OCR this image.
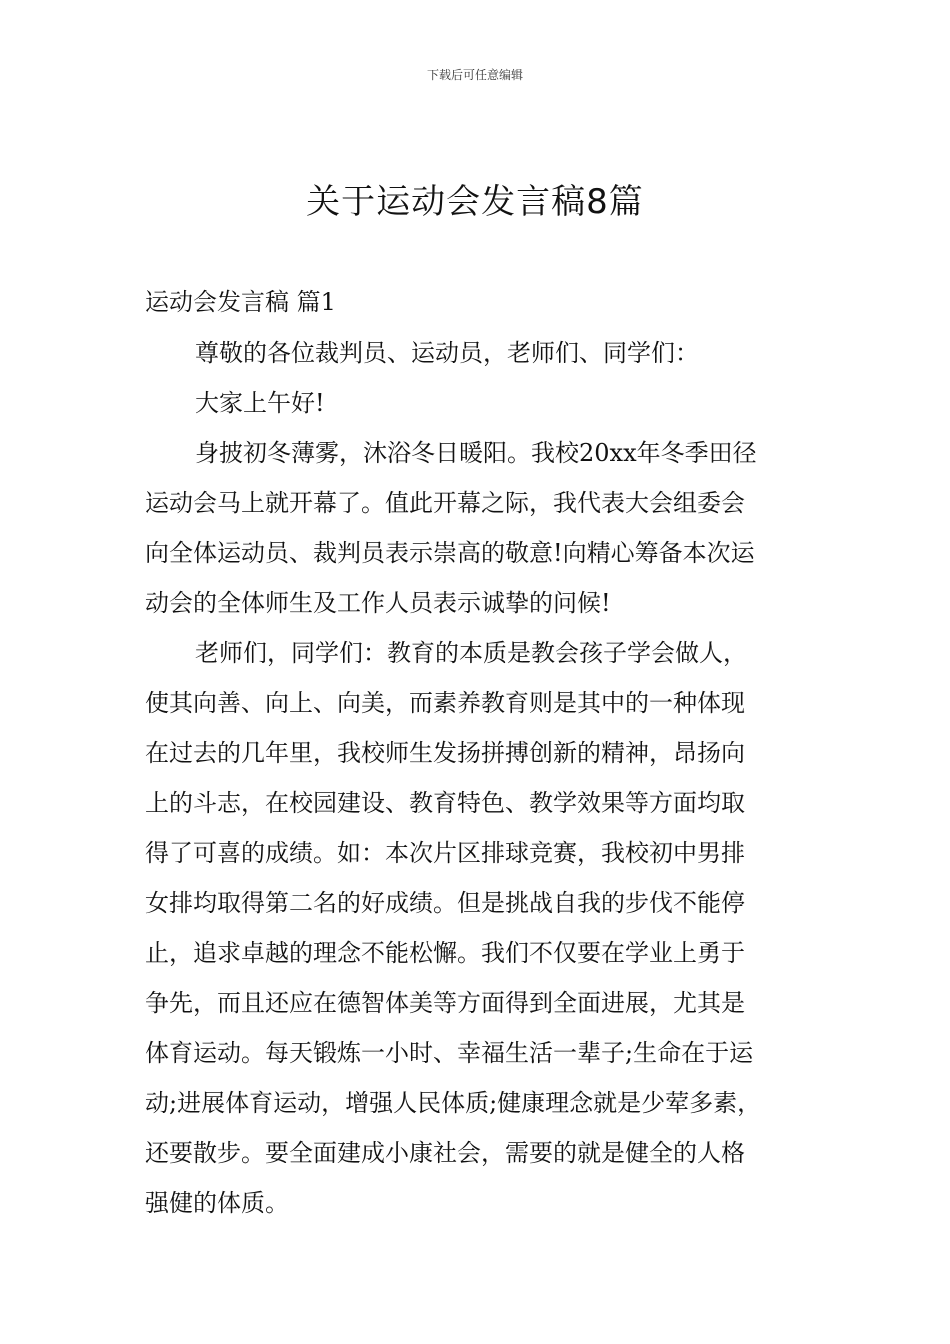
下载后可任意编辑
关于运动会发言稿8篇
运动会发言稿 篇1
尊敬的各位裁判员、运动员，老师们、同学们：
大家上午好!
身披初冬薄雾，沐浴冬日暖阳。我校20xx年冬季田径
运动会马上就开幕了。值此开幕之际，我代表大会组委会
向全体运动员、裁判员表示崇高的敬意!向精心筹备本次运
动会的全体师生及工作人员表示诚挚的问候!
老师们，同学们：教育的本质是教会孩子学会做人，
使其向善、向上、向美，而素养教育则是其中的一种体现
在过去的几年里，我校师生发扬拼搏创新的精神，昂扬向
上的斗志，在校园建设、教育特色、教学效果等方面均取
得了可喜的成绩。如：本次片区排球竞赛，我校初中男排
女排均取得第二名的好成绩。但是挑战自我的步伐不能停
止，追求卓越的理念不能松懈。我们不仅要在学业上勇于
争先，而且还应在德智体美等方面得到全面进展，尤其是
体育运动。每天锻炼一小时、幸福生活一辈子;生命在于运
动;进展体育运动，增强人民体质;健康理念就是少荤多素，
还要散步。要全面建成小康社会，需要的就是健全的人格
强健的体质。
